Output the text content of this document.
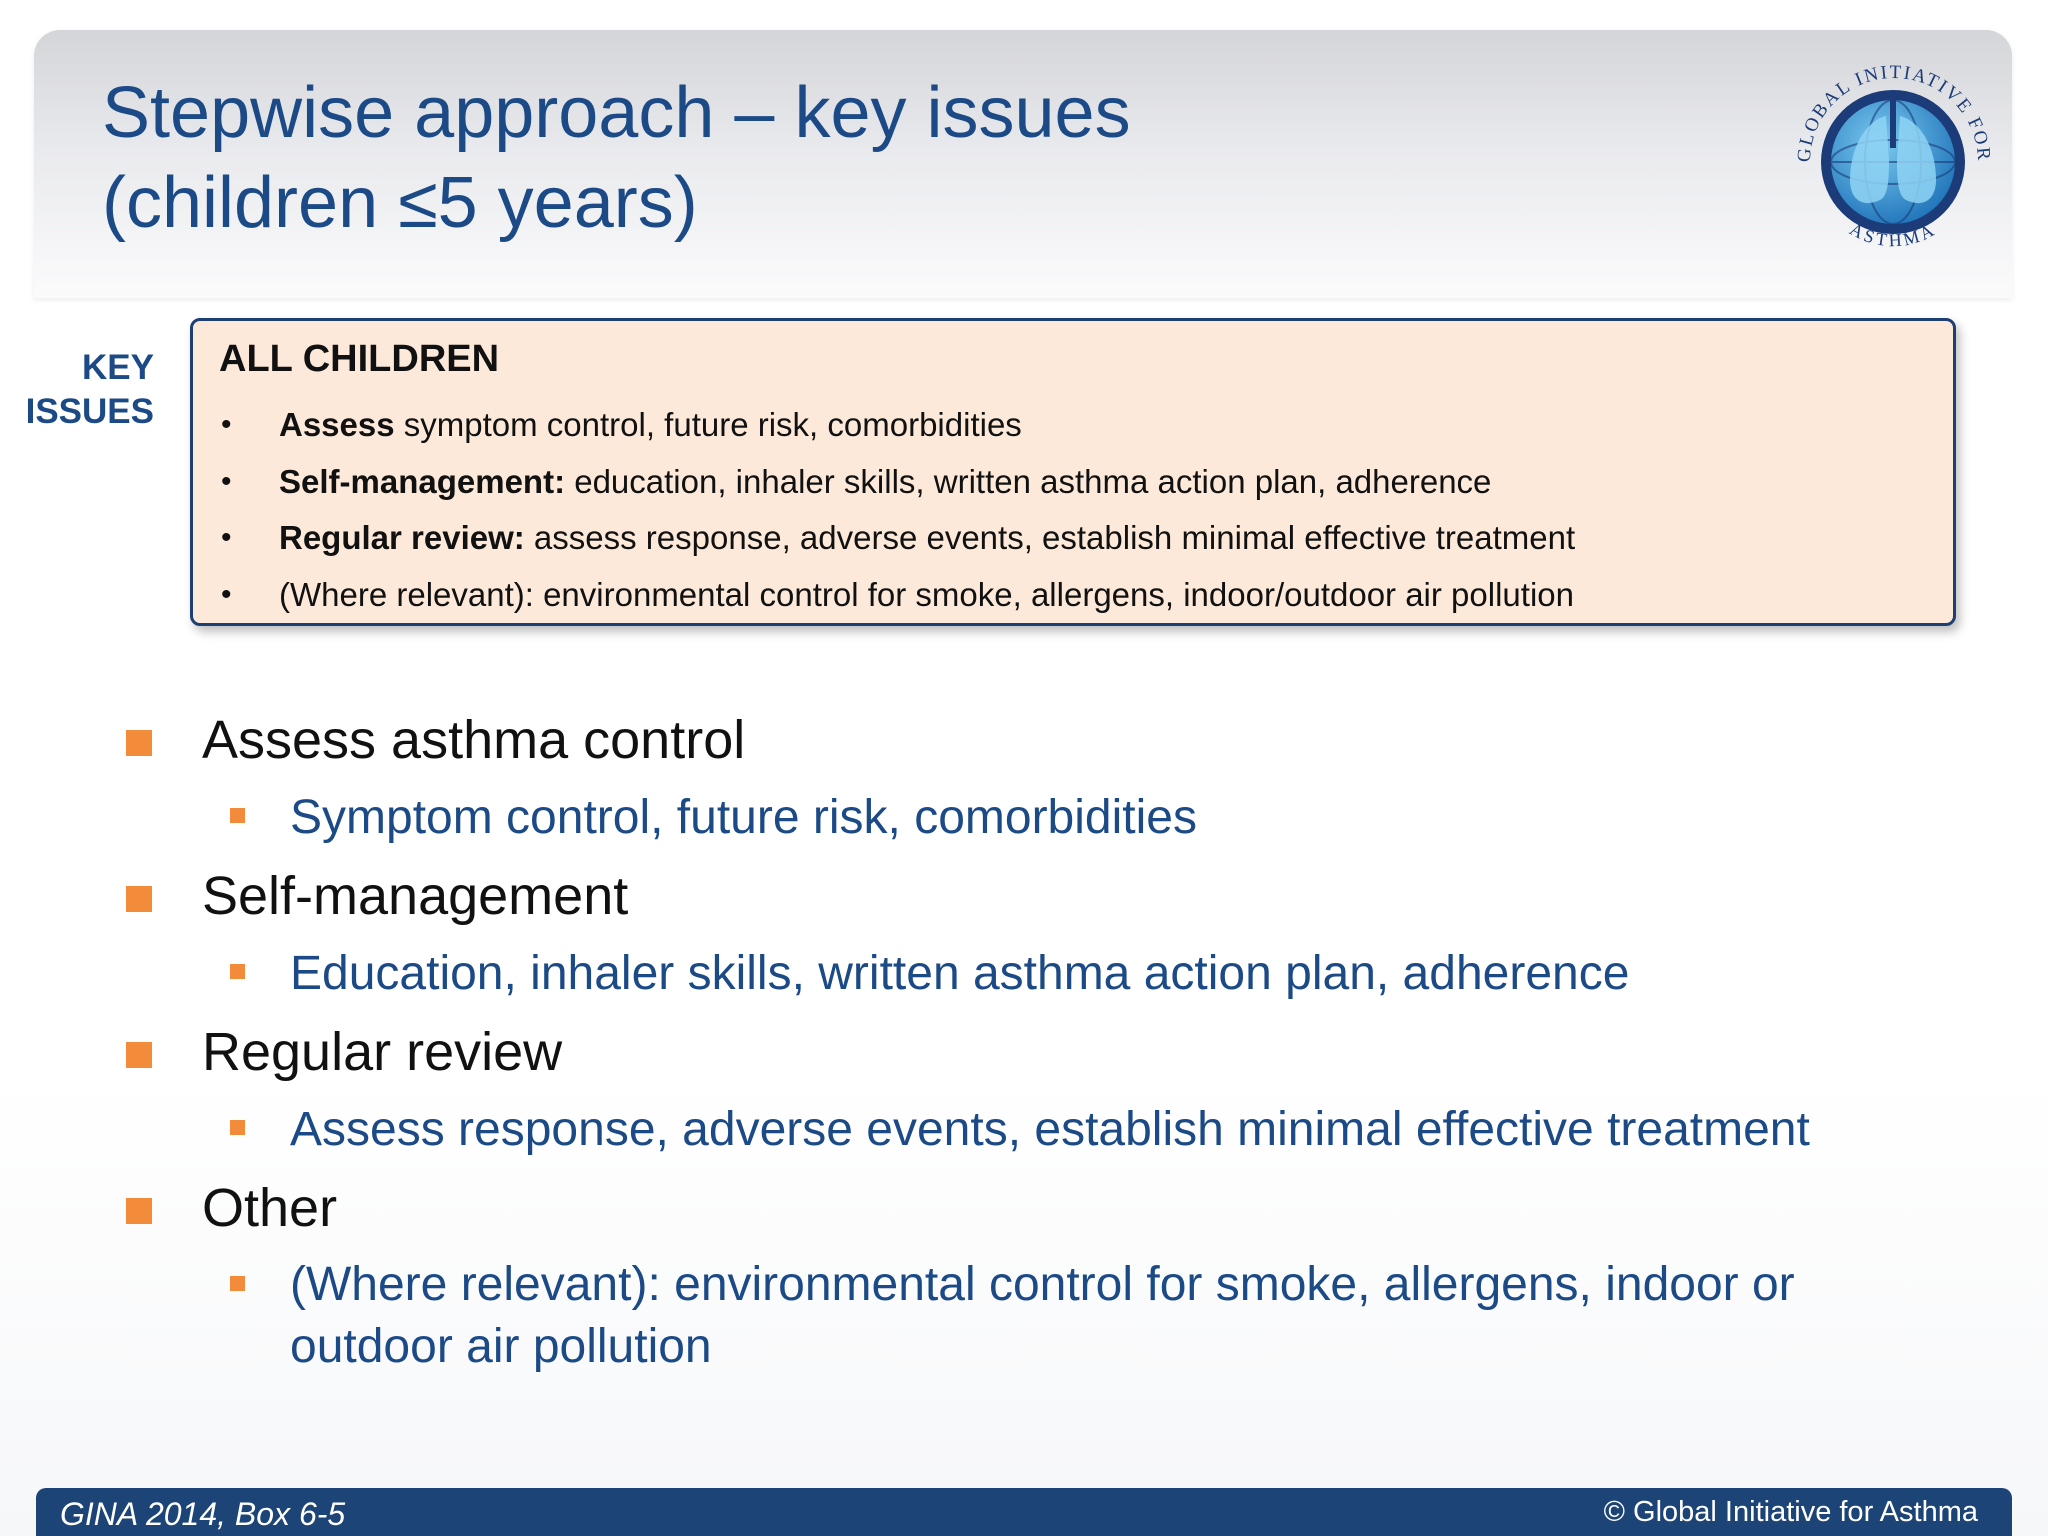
Stepwise approach – key issues
(children ≤5 years)
GLOBAL INITIATIVE FOR
ASTHMA
KEY
ISSUES
ALL CHILDREN
• Assess symptom control, future risk, comorbidities
• Self-management: education, inhaler skills, written asthma action plan, adherence
• Regular review: assess response, adverse events, establish minimal effective treatment
• (Where relevant): environmental control for smoke, allergens, indoor/outdoor air pollution
Assess asthma control
Symptom control, future risk, comorbidities
Self-management
Education, inhaler skills, written asthma action plan, adherence
Regular review
Assess response, adverse events, establish minimal effective treatment
Other
(Where relevant): environmental control for smoke, allergens, indoor or outdoor air pollution
GINA 2014, Box 6-5	© Global Initiative for Asthma
